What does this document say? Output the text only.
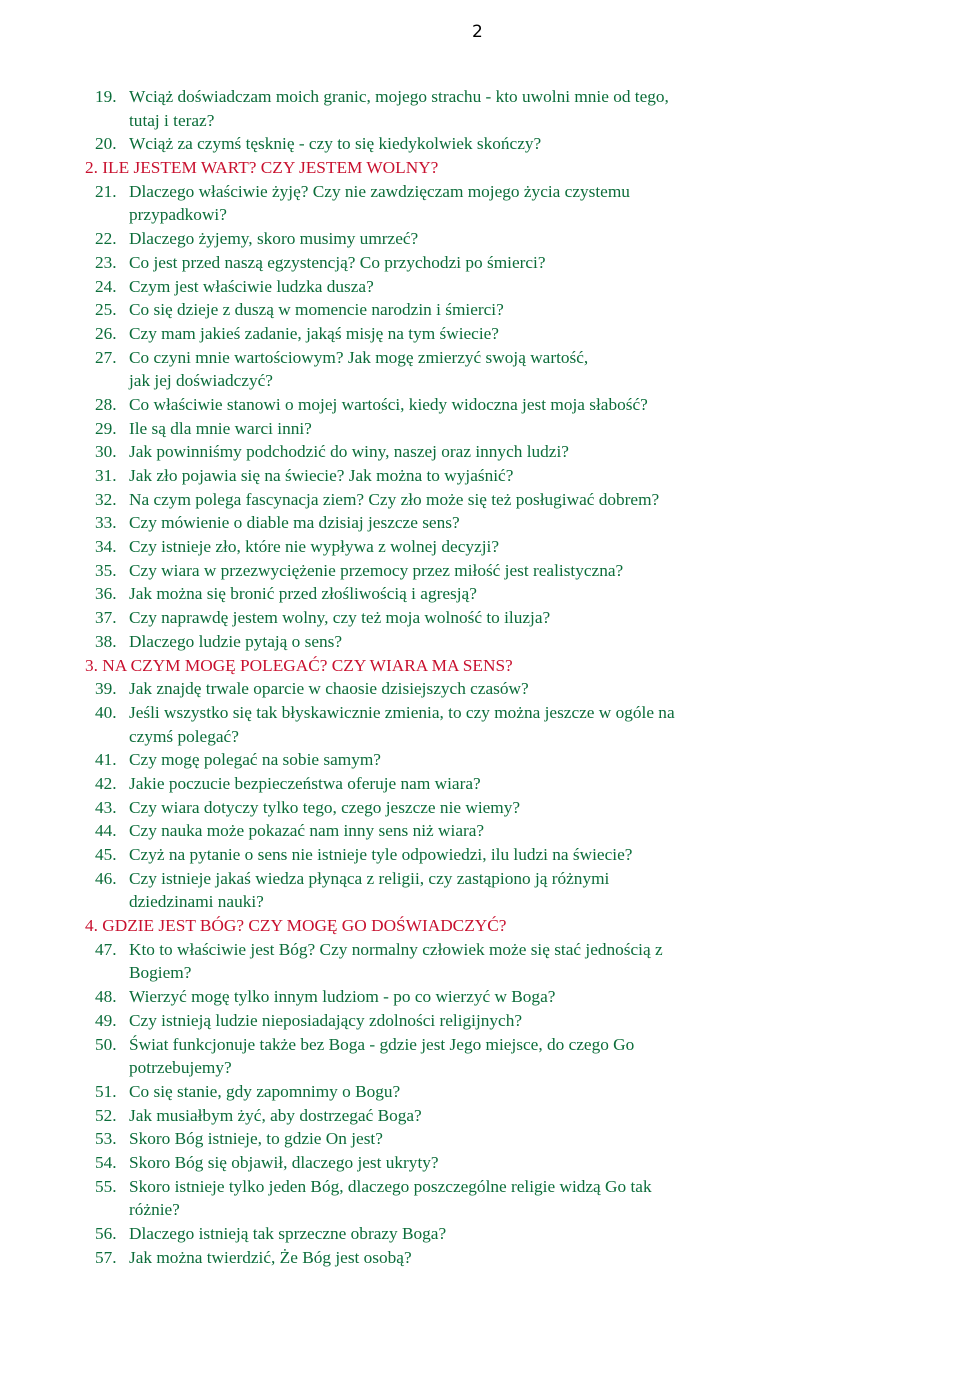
2
19. Wciąż doświadczam moich granic, mojego strachu - kto uwolni mnie od tego,
tutaj i teraz?
20. Wciąż za czymś tęsknię - czy to się kiedykolwiek skończy?
2. ILE JESTEM WART? CZY JESTEM WOLNY?
21. Dlaczego właściwie żyję? Czy nie zawdzięczam mojego życia czystemu
przypadkowi?
22. Dlaczego żyjemy, skoro musimy umrzeć?
23. Co jest przed naszą egzystencją? Co przychodzi po śmierci?
24. Czym jest właściwie ludzka dusza?
25. Co się dzieje z duszą w momencie narodzin i śmierci?
26. Czy mam jakieś zadanie, jakąś misję na tym świecie?
27. Co czyni mnie wartościowym? Jak mogę zmierzyć swoją wartość,
jak jej doświadczyć?
28. Co właściwie stanowi o mojej wartości, kiedy widoczna jest moja słabość?
29. Ile są dla mnie warci inni?
30. Jak powinniśmy podchodzić do winy, naszej oraz innych ludzi?
31. Jak zło pojawia się na świecie? Jak można to wyjaśnić?
32. Na czym polega fascynacja ziem? Czy zło może się też posługiwać dobrem?
33. Czy mówienie o diable ma dzisiaj jeszcze sens?
34. Czy istnieje zło, które nie wypływa z wolnej decyzji?
35. Czy wiara w przezwyciężenie przemocy przez miłość jest realistyczna?
36. Jak można się bronić przed złośliwością i agresją?
37. Czy naprawdę jestem wolny, czy też moja wolność to iluzja?
38. Dlaczego ludzie pytają o sens?
3. NA CZYM MOGĘ POLEGAĆ? CZY WIARA MA SENS?
39. Jak znajdę trwale oparcie w chaosie dzisiejszych czasów?
40. Jeśli wszystko się tak błyskawicznie zmienia, to czy można jeszcze w ogóle na
czymś polegać?
41. Czy mogę polegać na sobie samym?
42. Jakie poczucie bezpieczeństwa oferuje nam wiara?
43. Czy wiara dotyczy tylko tego, czego jeszcze nie wiemy?
44. Czy nauka może pokazać nam inny sens niż wiara?
45. Czyż na pytanie o sens nie istnieje tyle odpowiedzi, ilu ludzi na świecie?
46. Czy istnieje jakaś wiedza płynąca z religii, czy zastąpiono ją różnymi
dziedzinami nauki?
4. GDZIE JEST BÓG? CZY MOGĘ GO DOŚWIADCZYĆ?
47. Kto to właściwie jest Bóg? Czy normalny człowiek może się stać jednością z
Bogiem?
48. Wierzyć mogę tylko innym ludziom - po co wierzyć w Boga?
49. Czy istnieją ludzie nieposiadający zdolności religijnych?
50. Świat funkcjonuje także bez Boga - gdzie jest Jego miejsce, do czego Go
potrzebujemy?
51. Co się stanie, gdy zapomnimy o Bogu?
52. Jak musiałbym żyć, aby dostrzegać Boga?
53. Skoro Bóg istnieje, to gdzie On jest?
54. Skoro Bóg się objawił, dlaczego jest ukryty?
55. Skoro istnieje tylko jeden Bóg, dlaczego poszczególne religie widzą Go tak
różnie?
56. Dlaczego istnieją tak sprzeczne obrazy Boga?
57. Jak można twierdzić, Że Bóg jest osobą?
